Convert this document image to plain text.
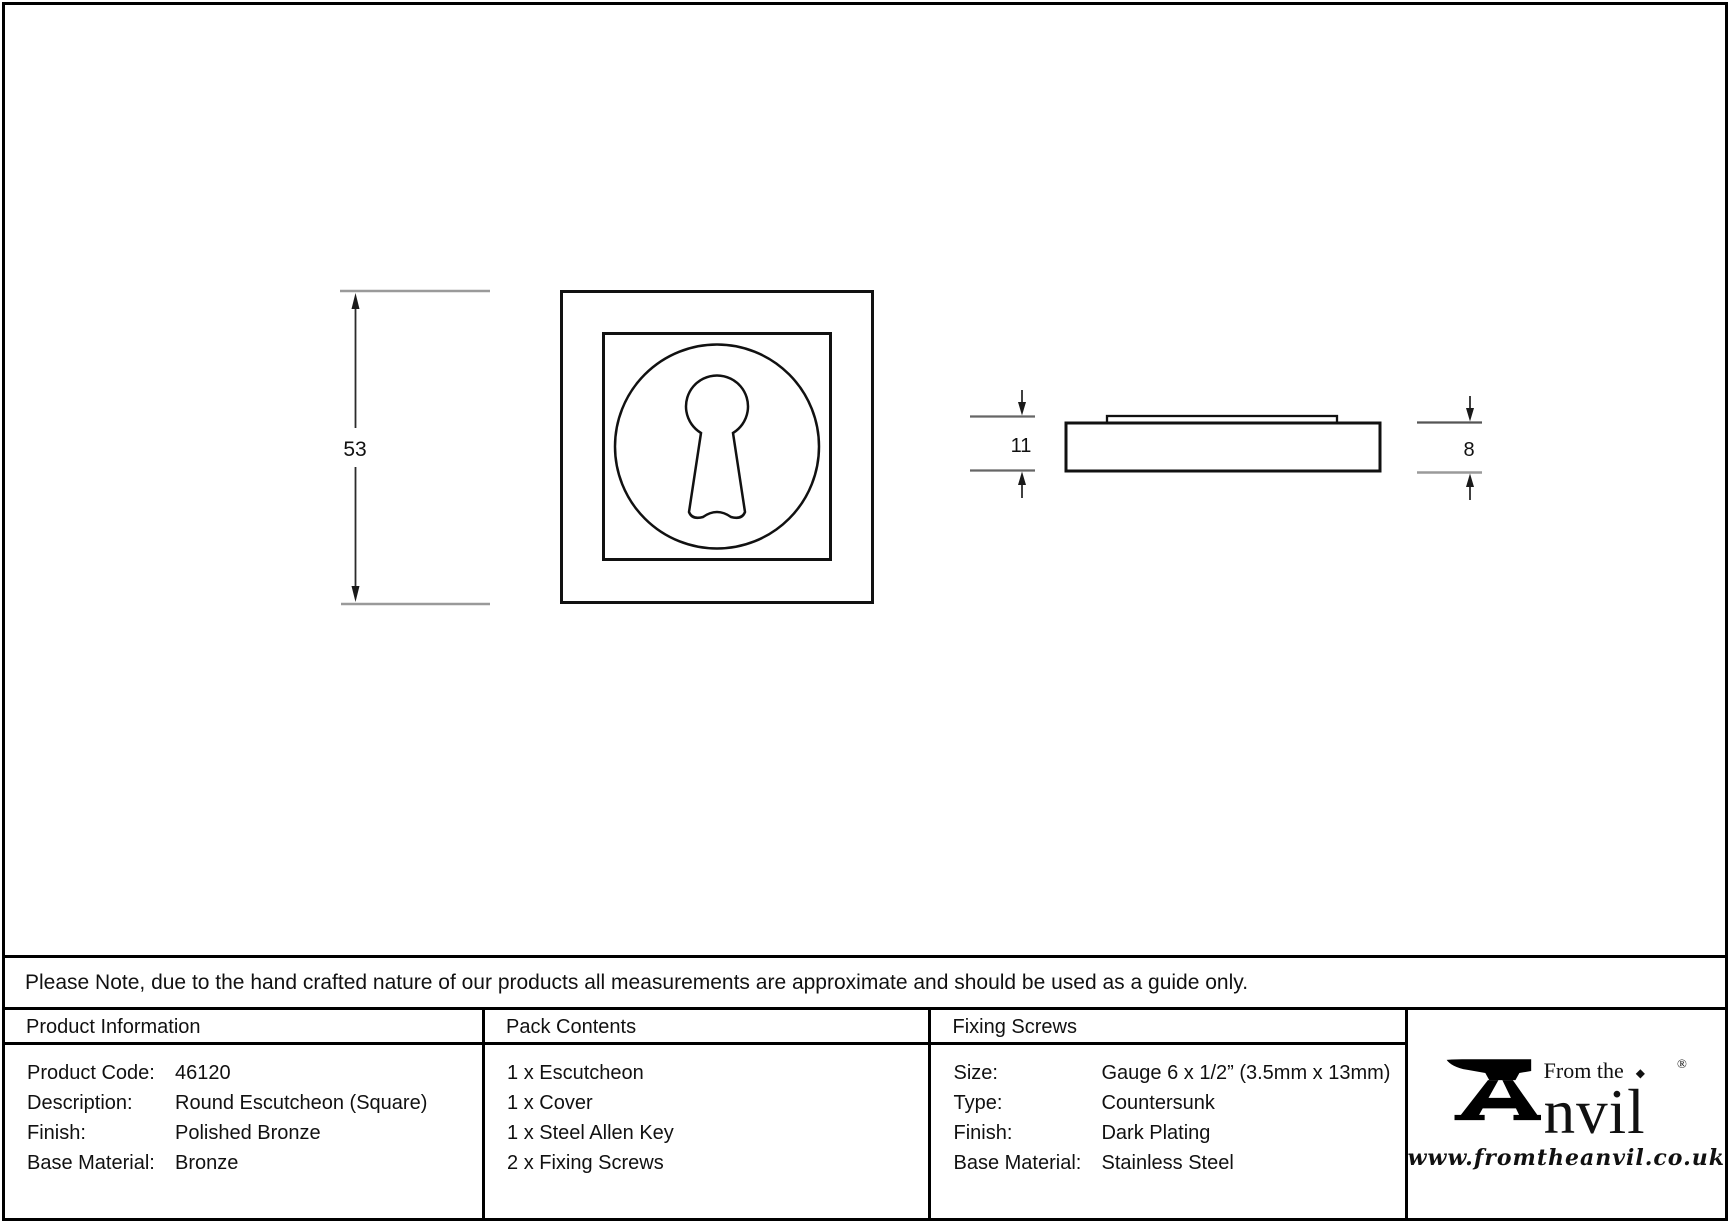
53	11	8
Please Note, due to the hand crafted nature of our products all measurements are approximate and should be used as a guide only.
Product Information
Product Code:	46120
Description:	Round Escutcheon (Square)
Finish:	Polished Bronze
Base Material:	Bronze
Pack Contents
1 x Escutcheon
1 x Cover
1 x Steel Allen Key
2 x Fixing Screws
Fixing Screws
Size:	Gauge 6 x 1/2” (3.5mm x 13mm)
Type:	Countersunk
Finish:	Dark Plating
Base Material:	Stainless Steel
From the ◆
®
nvil
www.fromtheanvil.co.uk
